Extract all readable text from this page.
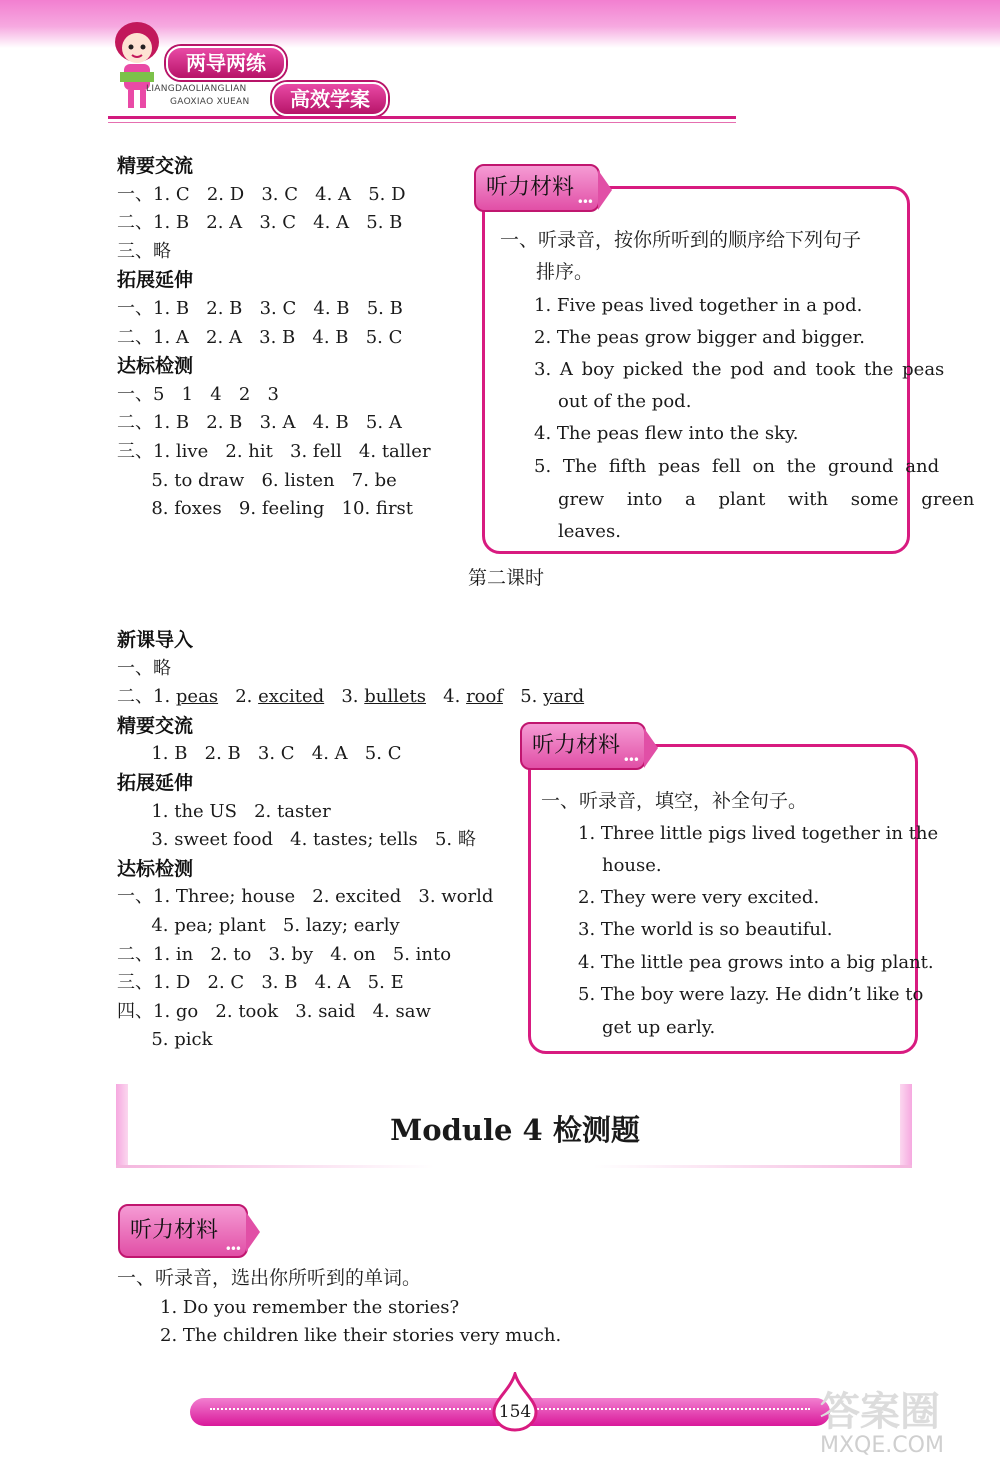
两导两练
LIANGDAOLIANGLIAN
GAOXIAO XUEAN	高效学案
精要交流
一、1. C   2. D   3. C   4. A   5. D
二、1. B   2. A   3. C   4. A   5. B
三、略
拓展延伸
一、1. B   2. B   3. C   4. B   5. B
二、1. A   2. A   3. B   4. B   5. C
达标检测
一、5   1   4   2   3
二、1. B   2. B   3. A   4. B   5. A
三、1. live   2. hit   3. fell   4. taller
5. to draw   6. listen   7. be
8. foxes   9. feeling   10. first
听力材料
•••
一、听录音，按你所听到的顺序给下列句子
排序。
1. Five peas lived together in a pod.
2. The peas grow bigger and bigger.
3. A boy picked the pod and took the peas
out of the pod.
4. The peas flew into the sky.
5. The fifth peas fell on the ground and
grew into a plant with some green
leaves.
第二课时
新课导入
一、略
二、1. peas   2. excited   3. bullets   4. roof   5. yard
精要交流
1. B   2. B   3. C   4. A   5. C
拓展延伸
1. the US   2. taster
3. sweet food   4. tastes; tells   5. 略
达标检测
一、1. Three; house   2. excited   3. world
4. pea; plant   5. lazy; early
二、1. in   2. to   3. by   4. on   5. into
三、1. D   2. C   3. B   4. A   5. E
四、1. go   2. took   3. said   4. saw
5. pick
听力材料
•••
一、听录音，填空，补全句子。
1. Three little pigs lived together in the
house.
2. They were very excited.
3. The world is so beautiful.
4. The little pea grows into a big plant.
5. The boy were lazy. He didn’t like to
get up early.
Module 4 检测题
听力材料
•••
一、听录音，选出你所听到的单词。
1. Do you remember the stories?
2. The children like their stories very much.
154	答案圈
MXQE.COM
